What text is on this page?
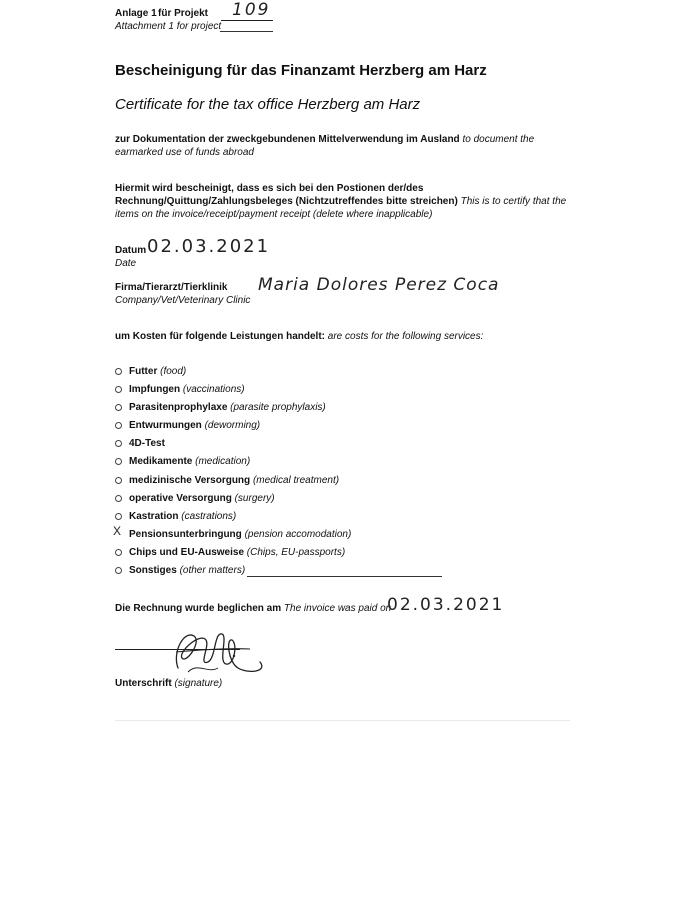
Anlage 1 für Projekt 109
Attachment 1 for project
Bescheinigung für das Finanzamt Herzberg am Harz
Certificate for the tax office Herzberg am Harz
zur Dokumentation der zweckgebundenen Mittelverwendung im Ausland to document the earmarked use of funds abroad
Hiermit wird bescheinigt, dass es sich bei den Postionen der/des Rechnung/Quittung/Zahlungsbeleges (Nichtzutreffendes bitte streichen) This is to certify that the items on the invoice/receipt/payment receipt (delete where inapplicable)
Datum
Date
02.03.2021
Firma/Tierarzt/Tierklinik
Company/Vet/Veterinary Clinic
Maria Dolores Perez Coca
um Kosten für folgende Leistungen handelt: are costs for the following services:
Futter (food)
Impfungen (vaccinations)
Parasitenprophylaxe (parasite prophylaxis)
Entwurmungen (deworming)
4D-Test
Medikamente (medication)
medizinische Versorgung (medical treatment)
operative Versorgung (surgery)
Kastration (castrations)
X Pensionsunterbringung (pension accomodation)
Chips und EU-Ausweise (Chips, EU-passports)
Sonstiges (other matters)
Die Rechnung wurde beglichen am The invoice was paid on
02.03.2021
Unterschrift (signature)
